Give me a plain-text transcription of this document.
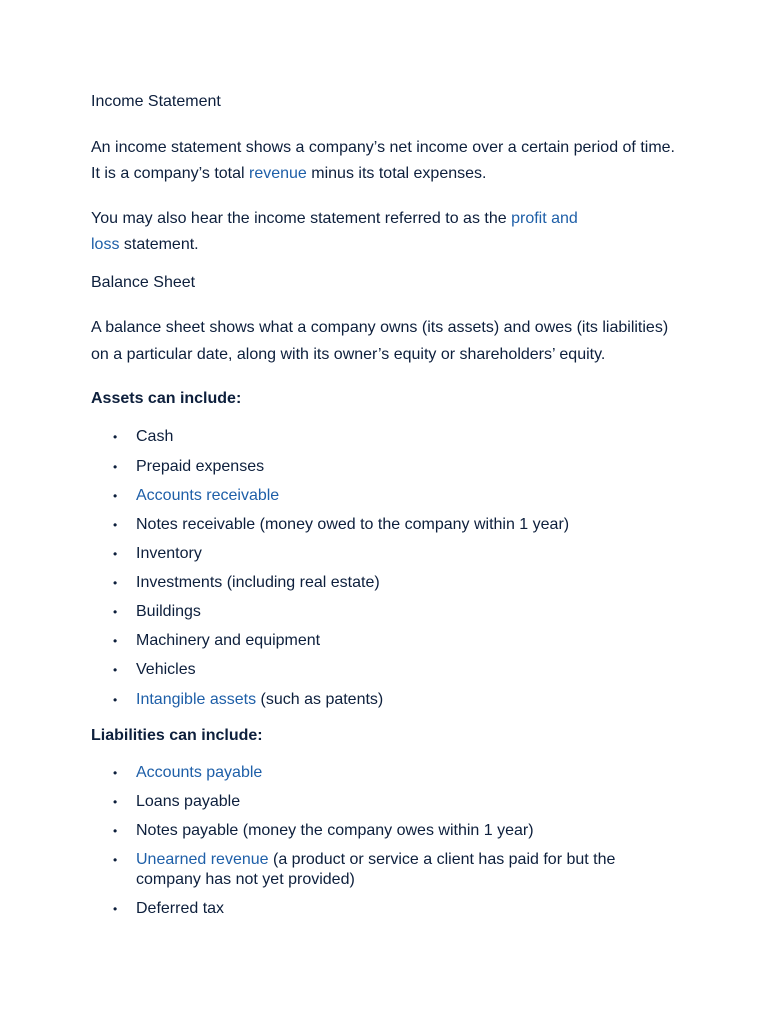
Income Statement
An income statement shows a company’s net income over a certain period of time.
It is a company’s total revenue minus its total expenses.
You may also hear the income statement referred to as the profit and
loss statement.
Balance Sheet
A balance sheet shows what a company owns (its assets) and owes (its liabilities)
on a particular date, along with its owner’s equity or shareholders’ equity.
Assets can include:
• Cash
• Prepaid expenses
• Accounts receivable
• Notes receivable (money owed to the company within 1 year)
• Inventory
• Investments (including real estate)
• Buildings
• Machinery and equipment
• Vehicles
• Intangible assets (such as patents)
Liabilities can include:
• Accounts payable
• Loans payable
• Notes payable (money the company owes within 1 year)
• Unearned revenue (a product or service a client has paid for but the
company has not yet provided)
• Deferred tax
